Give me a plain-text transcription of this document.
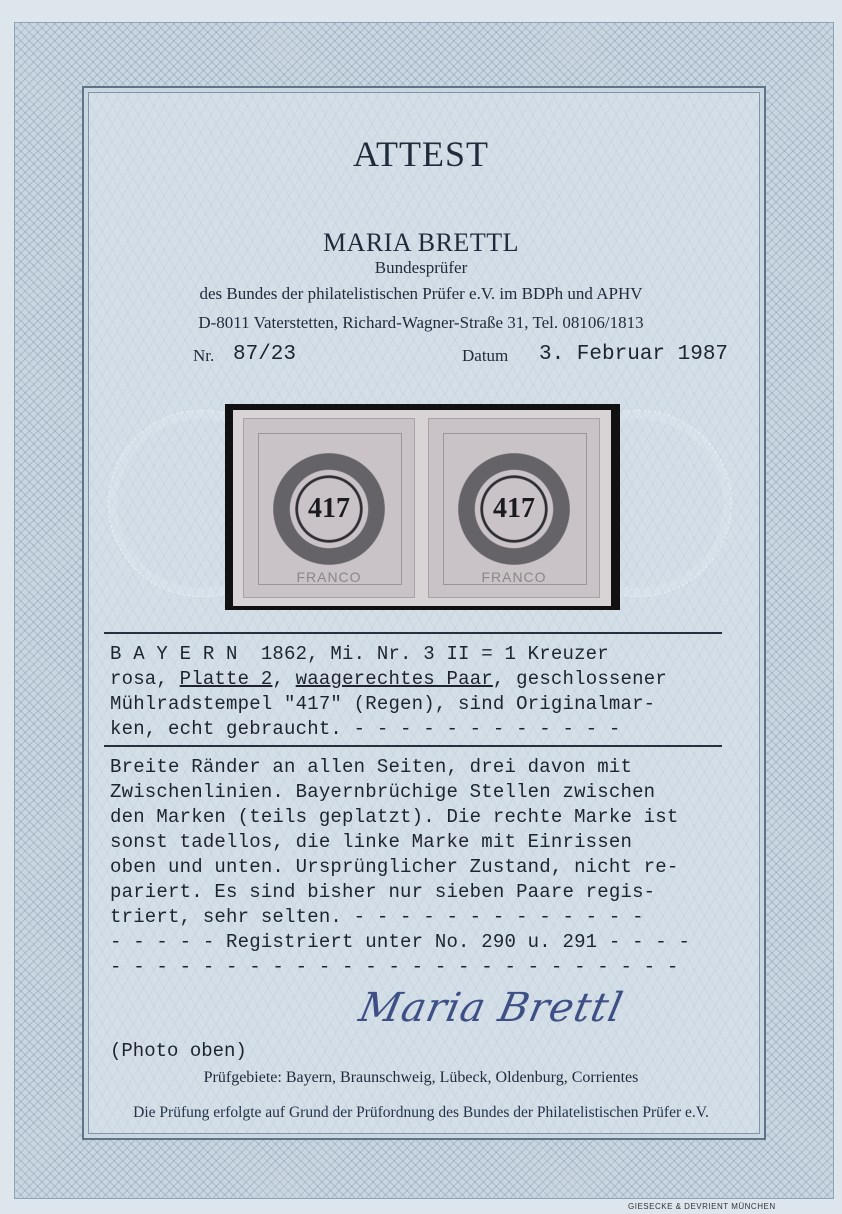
ATTEST
MARIA BRETTL
Bundesprüfer
des Bundes der philatelistischen Prüfer e.V. im BDPh und APHV
D-8011 Vaterstetten, Richard-Wagner-Straße 31, Tel. 08106/1813
Nr. 87/23	Datum 3. Februar 1987
417
FRANCO
417
FRANCO
B A Y E R N  1862, Mi. Nr. 3 II = 1 Kreuzer
rosa, Platte 2, waagerechtes Paar, geschlossener
Mühlradstempel "417" (Regen), sind Originalmar-
ken, echt gebraucht. - - - - - - - - - - - -
Breite Ränder an allen Seiten, drei davon mit
Zwischenlinien. Bayernbrüchige Stellen zwischen
den Marken (teils geplatzt). Die rechte Marke ist
sonst tadellos, die linke Marke mit Einrissen
oben und unten. Ursprünglicher Zustand, nicht re-
pariert. Es sind bisher nur sieben Paare regis-
triert, sehr selten. - - - - - - - - - - - - -
- - - - - Registriert unter No. 290 u. 291 - - - -
- - - - - - - - - - - - - - - - - - - - - - - - -
Maria Brettl
(Photo oben)
Prüfgebiete: Bayern, Braunschweig, Lübeck, Oldenburg, Corrientes
Die Prüfung erfolgte auf Grund der Prüfordnung des Bundes der Philatelistischen Prüfer e.V.
GIESECKE & DEVRIENT MÜNCHEN
